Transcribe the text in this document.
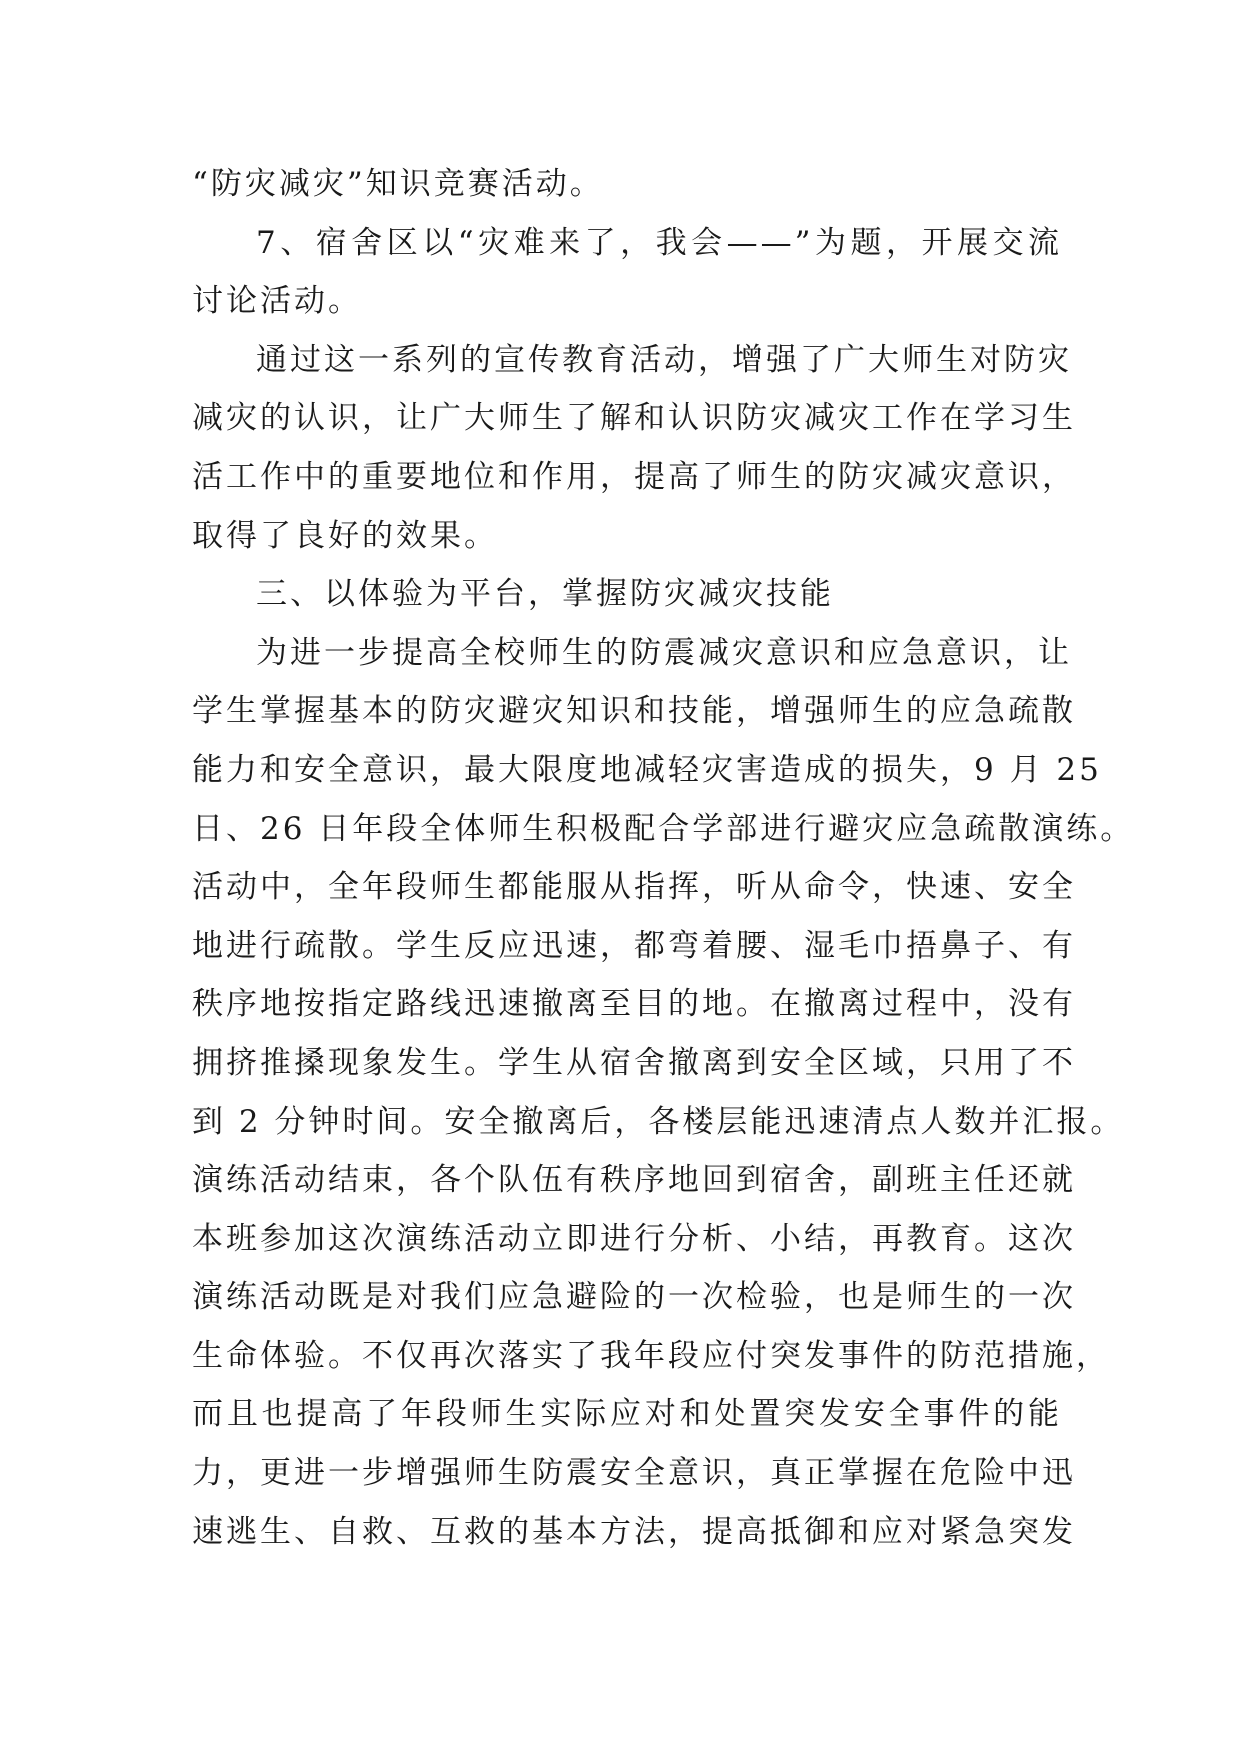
“防灾减灾”知识竞赛活动。
7、宿舍区以“灾难来了，我会——”为题，开展交流
讨论活动。
通过这一系列的宣传教育活动，增强了广大师生对防灾
减灾的认识，让广大师生了解和认识防灾减灾工作在学习生
活工作中的重要地位和作用，提高了师生的防灾减灾意识，
取得了良好的效果。
三、以体验为平台，掌握防灾减灾技能
为进一步提高全校师生的防震减灾意识和应急意识，让
学生掌握基本的防灾避灾知识和技能，增强师生的应急疏散
能力和安全意识，最大限度地减轻灾害造成的损失，9 月 25
日、26 日年段全体师生积极配合学部进行避灾应急疏散演练。
活动中，全年段师生都能服从指挥，听从命令，快速、安全
地进行疏散。学生反应迅速，都弯着腰、湿毛巾捂鼻子、有
秩序地按指定路线迅速撤离至目的地。在撤离过程中，没有
拥挤推搡现象发生。学生从宿舍撤离到安全区域，只用了不
到 2 分钟时间。安全撤离后，各楼层能迅速清点人数并汇报。
演练活动结束，各个队伍有秩序地回到宿舍，副班主任还就
本班参加这次演练活动立即进行分析、小结，再教育。这次
演练活动既是对我们应急避险的一次检验，也是师生的一次
生命体验。不仅再次落实了我年段应付突发事件的防范措施，
而且也提高了年段师生实际应对和处置突发安全事件的能
力，更进一步增强师生防震安全意识，真正掌握在危险中迅
速逃生、自救、互救的基本方法，提高抵御和应对紧急突发
